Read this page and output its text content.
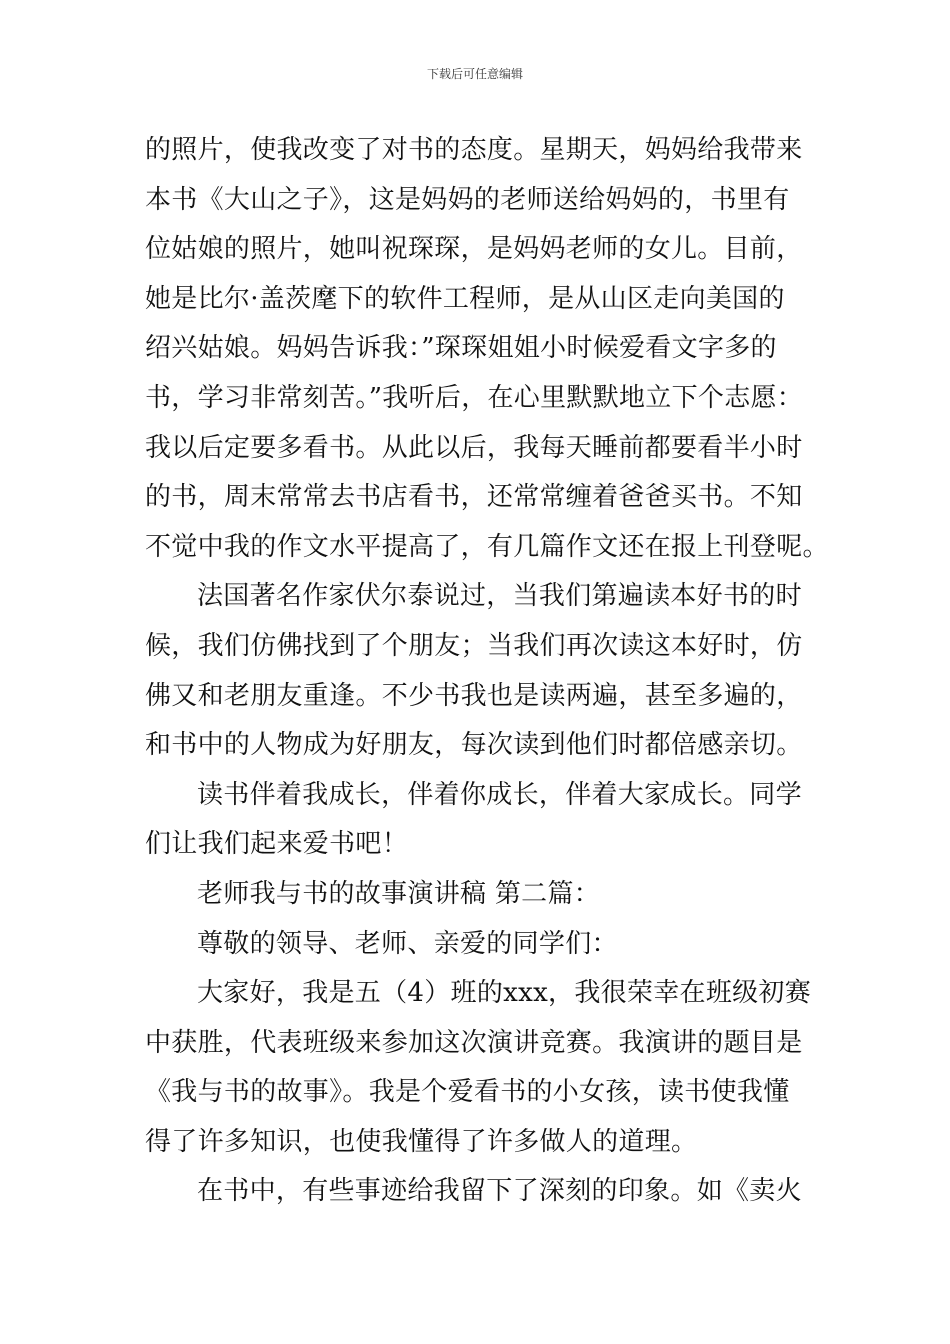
下载后可任意编辑
的照片，使我改变了对书的态度。星期天，妈妈给我带来
本书《大山之子》，这是妈妈的老师送给妈妈的，书里有
位姑娘的照片，她叫祝琛琛，是妈妈老师的女儿。目前，
她是比尔·盖茨麾下的软件工程师，是从山区走向美国的
绍兴姑娘。妈妈告诉我：”琛琛姐姐小时候爱看文字多的
书，学习非常刻苦。”我听后，在心里默默地立下个志愿：
我以后定要多看书。从此以后，我每天睡前都要看半小时
的书，周末常常去书店看书，还常常缠着爸爸买书。不知
不觉中我的作文水平提高了，有几篇作文还在报上刊登呢。
法国著名作家伏尔泰说过，当我们第遍读本好书的时
候，我们仿佛找到了个朋友；当我们再次读这本好时，仿
佛又和老朋友重逢。不少书我也是读两遍，甚至多遍的，
和书中的人物成为好朋友，每次读到他们时都倍感亲切。
读书伴着我成长，伴着你成长，伴着大家成长。同学
们让我们起来爱书吧！
老师我与书的故事演讲稿 第二篇：
尊敬的领导、老师、亲爱的同学们：
大家好，我是五（4）班的xxx，我很荣幸在班级初赛
中获胜，代表班级来参加这次演讲竞赛。我演讲的题目是
《我与书的故事》。我是个爱看书的小女孩，读书使我懂
得了许多知识，也使我懂得了许多做人的道理。
在书中，有些事迹给我留下了深刻的印象。如《卖火
